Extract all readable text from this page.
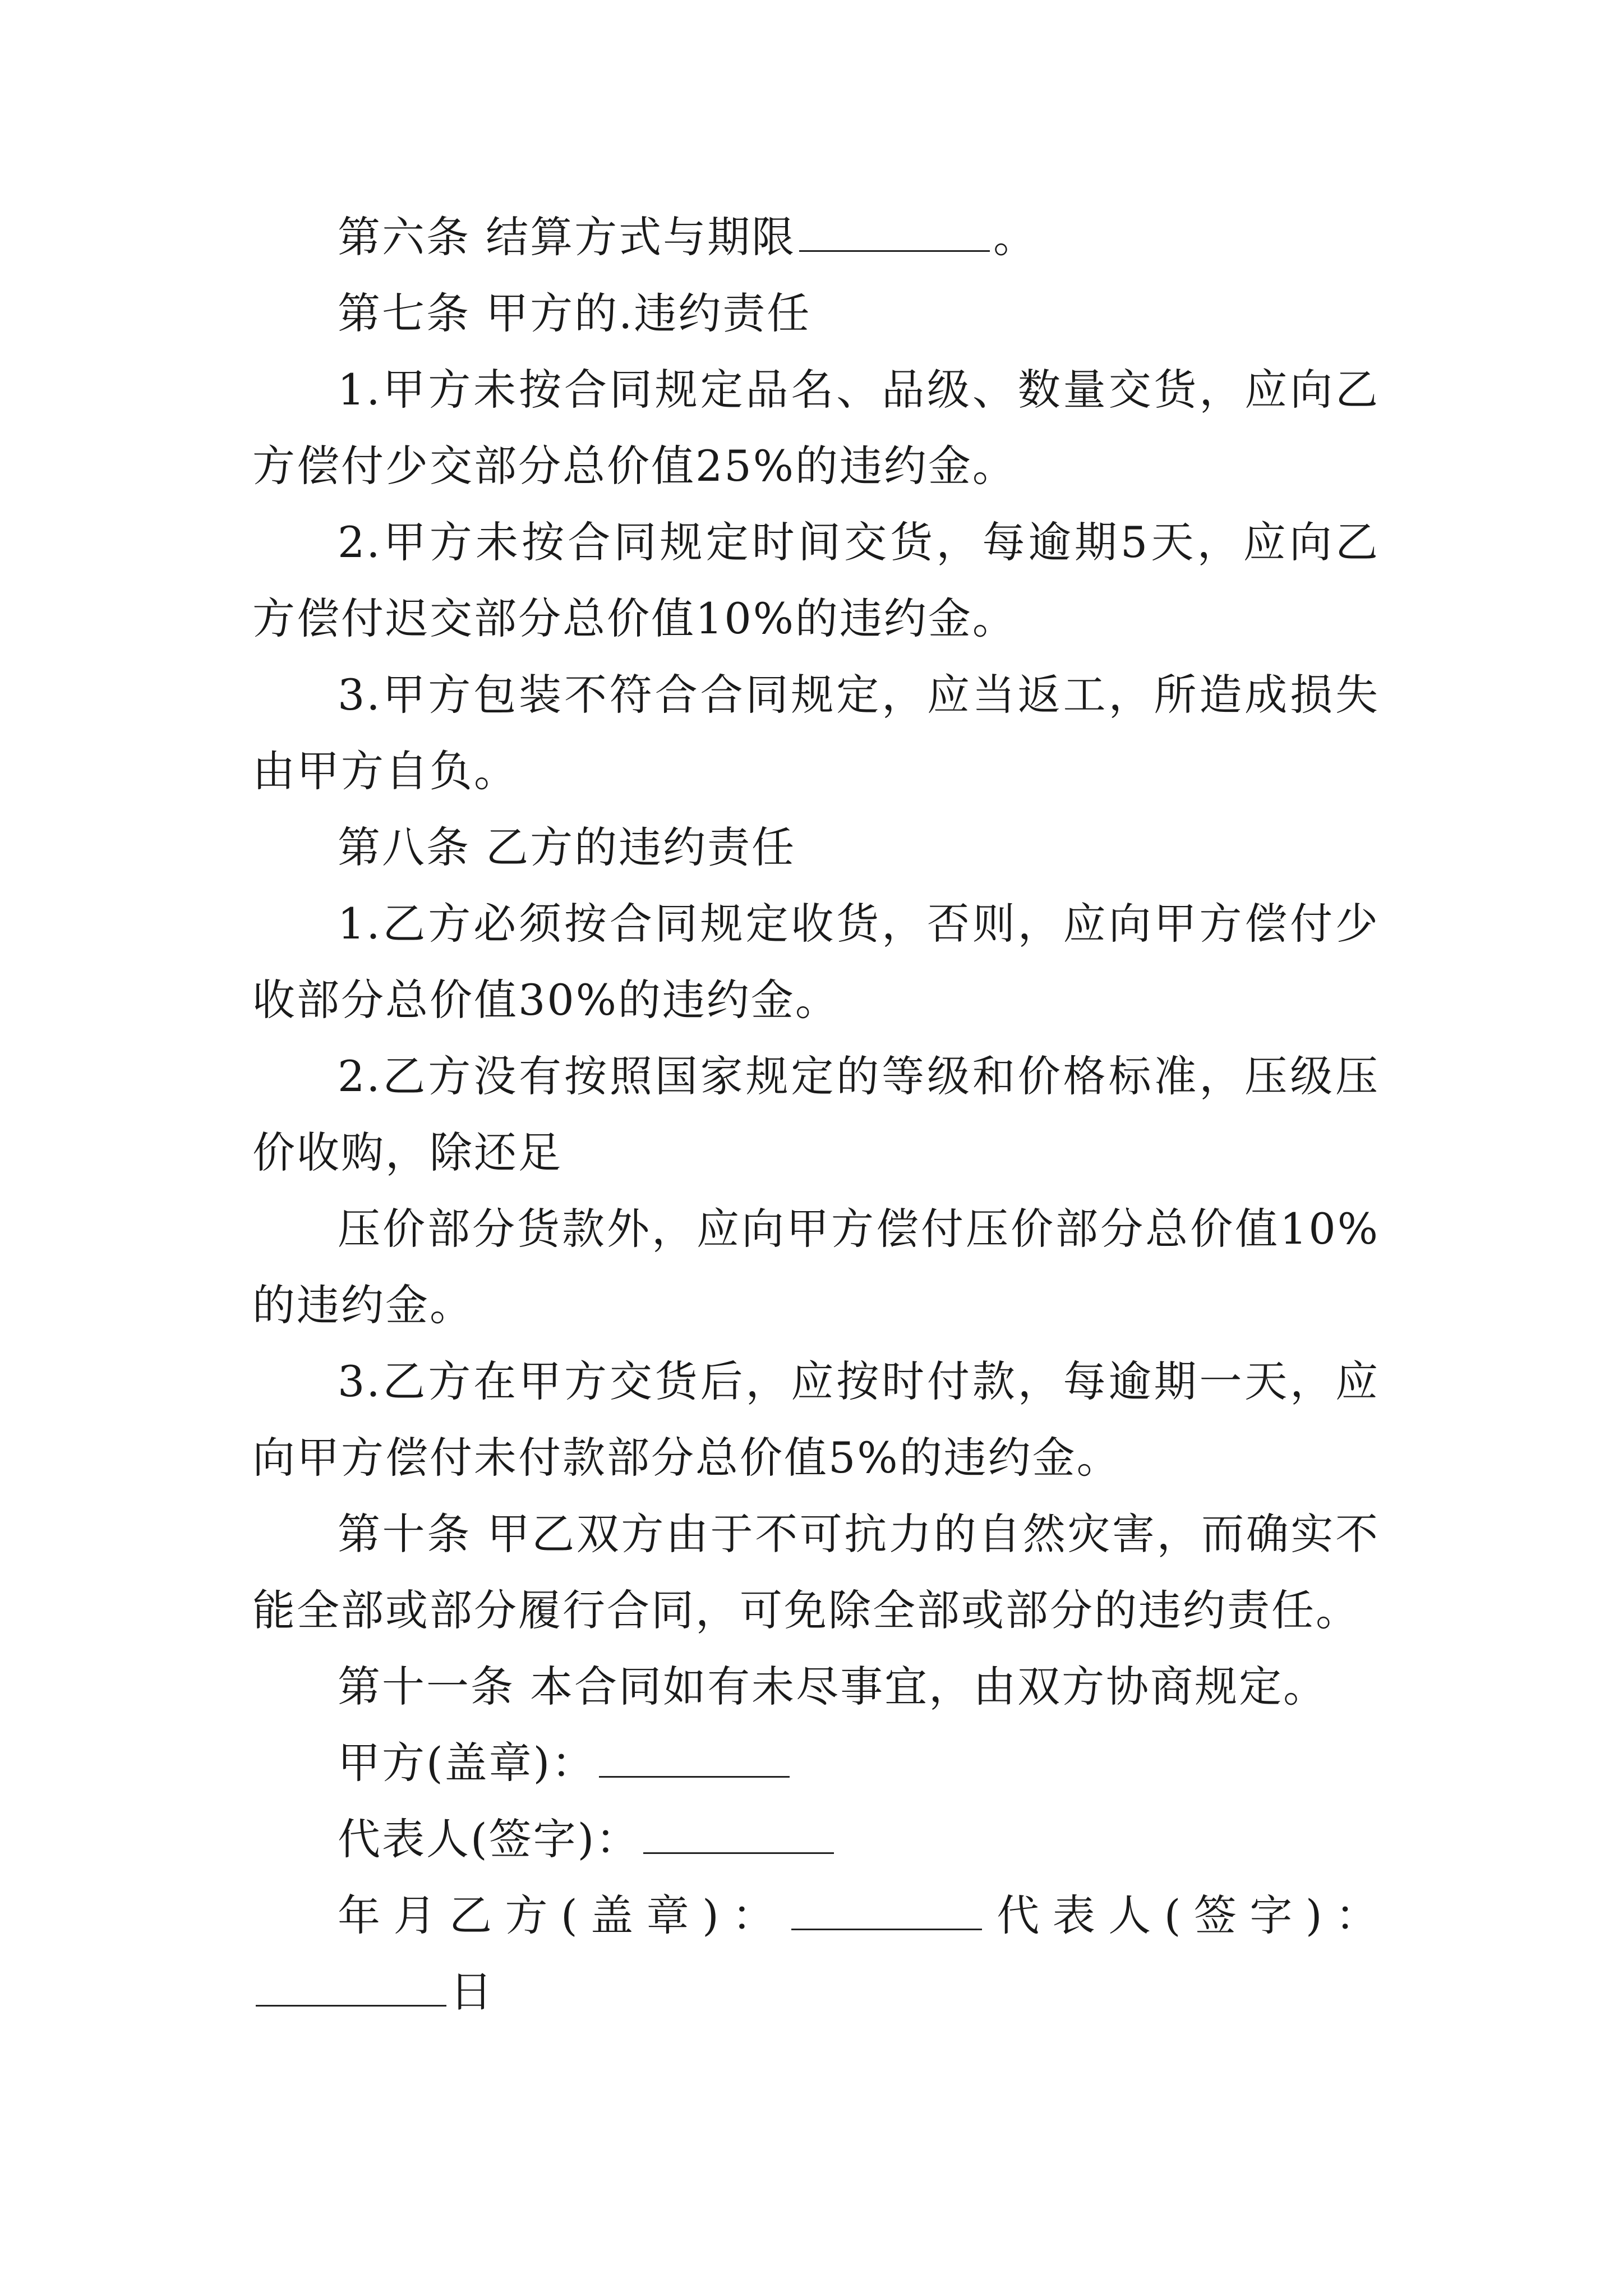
第六条 结算方式与期限	。

第七条 甲方的.违约责任

1.甲方未按合同规定品名、品级、数量交货，应向乙方偿付少交部分总价值25%的违约金。

2.甲方未按合同规定时间交货，每逾期5天，应向乙方偿付迟交部分总价值10%的违约金。

3.甲方包装不符合合同规定，应当返工，所造成损失由甲方自负。

第八条 乙方的违约责任

1.乙方必须按合同规定收货，否则，应向甲方偿付少收部分总价值30%的违约金。

2.乙方没有按照国家规定的等级和价格标准，压级压价收购，除还足

压价部分货款外，应向甲方偿付压价部分总价值10%的违约金。

3.乙方在甲方交货后，应按时付款，每逾期一天，应向甲方偿付未付款部分总价值5%的违约金。

第十条 甲乙双方由于不可抗力的自然灾害，而确实不能全部或部分履行合同，可免除全部或部分的违约责任。

第十一条 本合同如有未尽事宜，由双方协商规定。

甲方(盖章)：

代表人(签字)：

年月乙方(盖章)：	代表人(签字)：日
